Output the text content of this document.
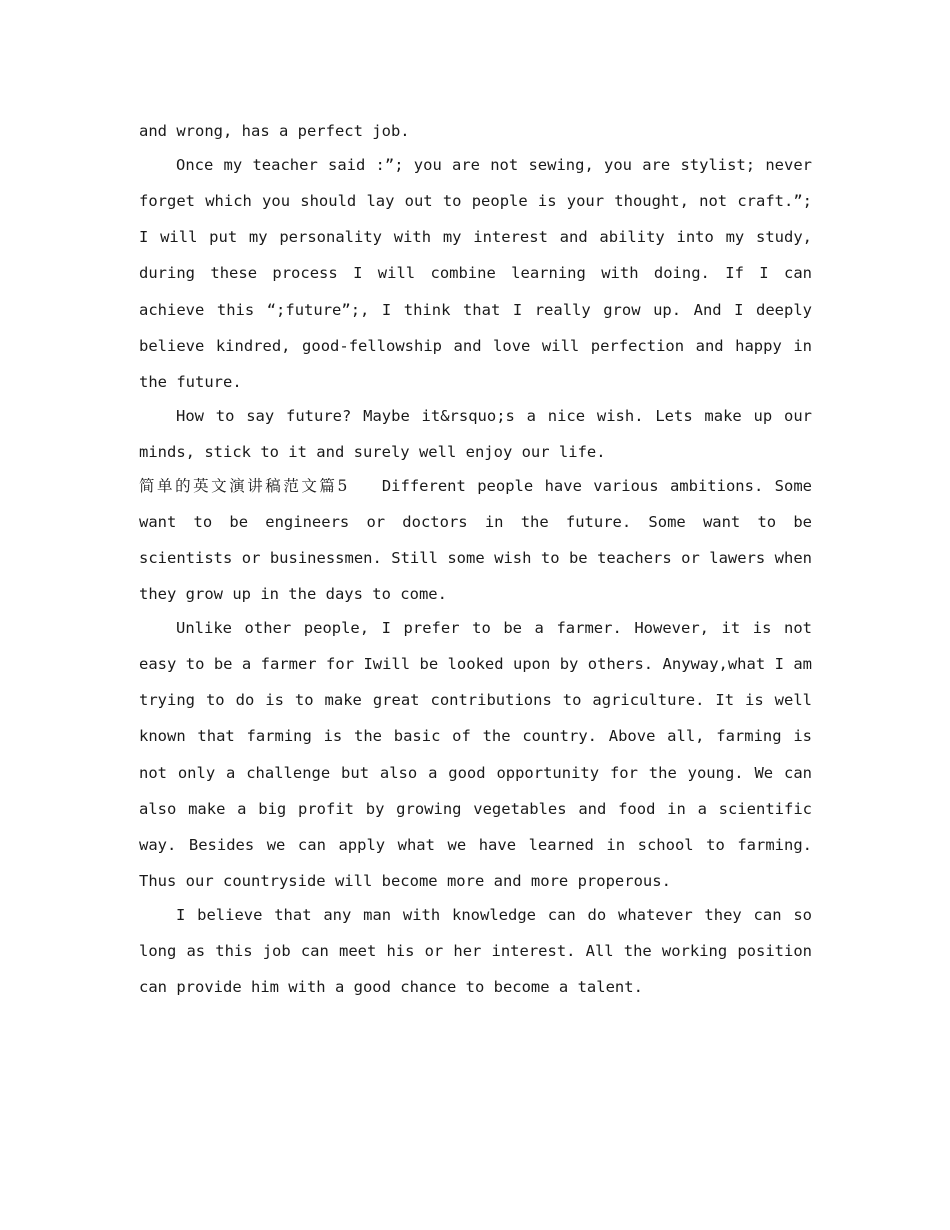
and wrong, has a perfect job.

Once my teacher said :”; you are not sewing, you are stylist; never forget which you should lay out to people is your thought, not craft.”; I will put my personality with my interest and ability into my study, during these process I will combine learning with doing. If I can achieve this “;future”;, I think that I really grow up. And I deeply believe kindred, good-fellowship and love will perfection and happy in the future.

How to say future? Maybe it&rsquo;s a nice wish. Lets make up our minds, stick to it and surely well enjoy our life.

简单的英文演讲稿范文篇5 Different people have various ambitions. Some want to be engineers or doctors in the future. Some want to be scientists or businessmen. Still some wish to be teachers or lawers when they grow up in the days to come.

Unlike other people, I prefer to be a farmer. However, it is not easy to be a farmer for Iwill be looked upon by others. Anyway,what I am trying to do is to make great contributions to agriculture. It is well known that farming is the basic of the country. Above all, farming is not only a challenge but also a good opportunity for the young. We can also make a big profit by growing vegetables and food in a scientific way. Besides we can apply what we have learned in school to farming. Thus our countryside will become more and more properous.

I believe that any man with knowledge can do whatever they can so long as this job can meet his or her interest. All the working position can provide him with a good chance to become a talent.
